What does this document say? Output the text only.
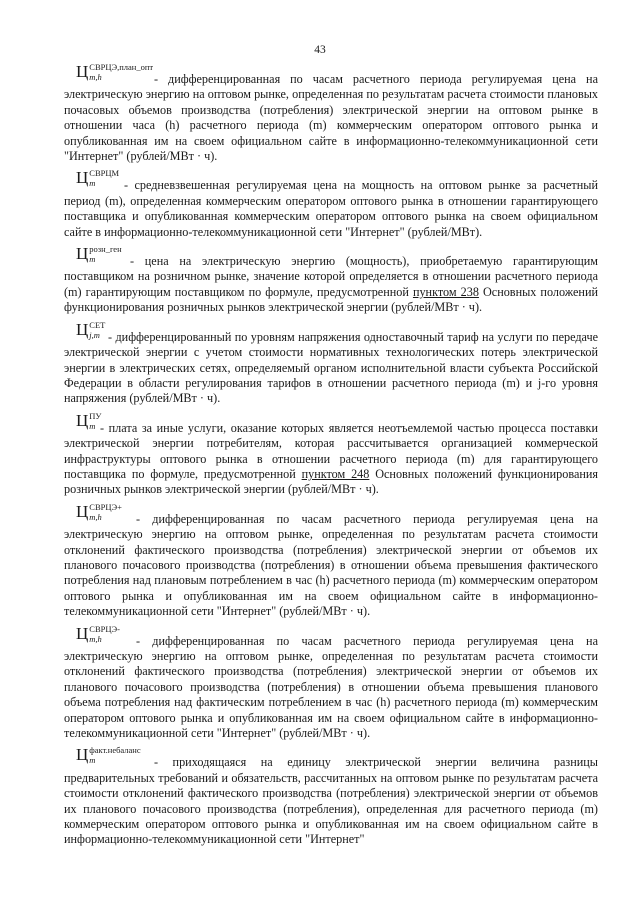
43
Ц СВРЦЭ,план_опт
m,h	- дифференцированная по часам расчетного периода регулируемая цена на электрическую энергию на оптовом рынке, определенная по результатам расчета стоимости плановых почасовых объемов производства (потребления) электрической энергии на оптовом рынке в отношении часа (h) расчетного периода (m) коммерческим оператором оптового рынка и опубликованная им на своем официальном сайте в информационно-телекоммуникационной сети "Интернет" (рублей/МВт · ч).
Ц СВРЦМ
m	- средневзвешенная регулируемая цена на мощность на оптовом рынке за расчетный период (m), определенная коммерческим оператором оптового рынка в отношении гарантирующего поставщика и опубликованная коммерческим оператором оптового рынка на своем официальном сайте в информационно-телекоммуникационной сети "Интернет" (рублей/МВт).
Ц розн_ген
m	- цена на электрическую энергию (мощность), приобретаемую гарантирующим поставщиком на розничном рынке, значение которой определяется в отношении расчетного периода (m) гарантирующим поставщиком по формуле, предусмотренной пунктом 238 Основных положений функционирования розничных рынков электрической энергии (рублей/МВт · ч).
Ц СЕТ
j,m - дифференцированный по уровням напряжения одноставочный тариф на услуги по передаче электрической энергии с учетом стоимости нормативных технологических потерь электрической энергии в электрических сетях, определяемый органом исполнительной власти субъекта Российской Федерации в области регулирования тарифов в отношении расчетного периода (m) и j-го уровня напряжения (рублей/МВт · ч).
Ц ПУ
m - плата за иные услуги, оказание которых является неотъемлемой частью процесса поставки электрической энергии потребителям, которая рассчитывается организацией коммерческой инфраструктуры оптового рынка в отношении расчетного периода (m) для гарантирующего поставщика по формуле, предусмотренной пунктом 248 Основных положений функционирования розничных рынков электрической энергии (рублей/МВт · ч).
Ц СВРЦЭ+
m,h	- дифференцированная по часам расчетного периода регулируемая цена на электрическую энергию на оптовом рынке, определенная по результатам расчета стоимости отклонений фактического производства (потребления) электрической энергии от объемов их планового почасового производства (потребления) в отношении объема превышения фактического потребления над плановым потреблением в час (h) расчетного периода (m) коммерческим оператором оптового рынка и опубликованная им на своем официальном сайте в информационно-телекоммуникационной сети "Интернет" (рублей/МВт · ч).
Ц СВРЦЭ-
m,h	- дифференцированная по часам расчетного периода регулируемая цена на электрическую энергию на оптовом рынке, определенная по результатам расчета стоимости отклонений фактического производства (потребления) электрической энергии от объемов их планового почасового производства (потребления) в отношении объема превышения планового объема потребления над фактическим потреблением в час (h) расчетного периода (m) коммерческим оператором оптового рынка и опубликованная им на своем официальном сайте в информационно-телекоммуникационной сети "Интернет" (рублей/МВт · ч).
Ц факт.небаланс
m	- приходящаяся на единицу электрической энергии величина разницы предварительных требований и обязательств, рассчитанных на оптовом рынке по результатам расчета стоимости отклонений фактического производства (потребления) электрической энергии от объемов их планового почасового производства (потребления), определенная для расчетного периода (m) коммерческим оператором оптового рынка и опубликованная им на своем официальном сайте в информационно-телекоммуникационной сети "Интернет"
